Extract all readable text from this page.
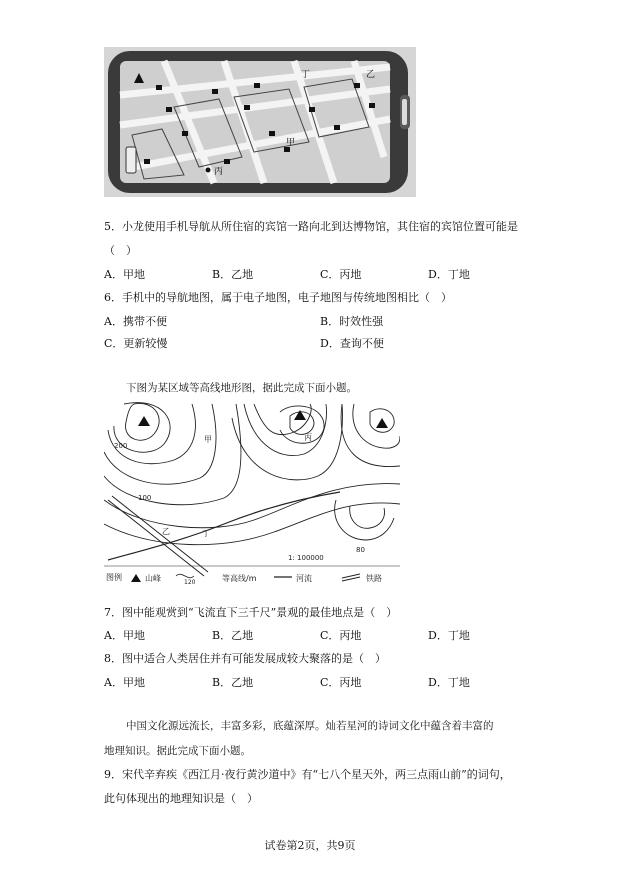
丁	乙
甲
丙
5．小龙使用手机导航从所住宿的宾馆一路向北到达博物馆，其住宿的宾馆位置可能是
（　）
A．甲地	B．乙地	C．丙地	D．丁地
6．手机中的导航地图，属于电子地图，电子地图与传统地图相比（　）
A．携带不便	B．时效性强
C．更新较慢	D．查询不便
下图为某区域等高线地形图，据此完成下面小题。
甲	丙
丁
乙
200
100
80
1: 100000
图例	山峰	120	等高线/m	河流	铁路
7．图中能观赏到“飞流直下三千尺”景观的最佳地点是（　）
A．甲地	B．乙地	C．丙地	D．丁地
8．图中适合人类居住并有可能发展成较大聚落的是（　）
A．甲地	B．乙地	C．丙地	D．丁地
中国文化源远流长，丰富多彩，底蕴深厚。灿若星河的诗词文化中蕴含着丰富的
地理知识。据此完成下面小题。
9．宋代辛弃疾《西江月·夜行黄沙道中》有“七八个星天外，两三点雨山前”的词句，
此句体现出的地理知识是（　）
试卷第2页，共9页
